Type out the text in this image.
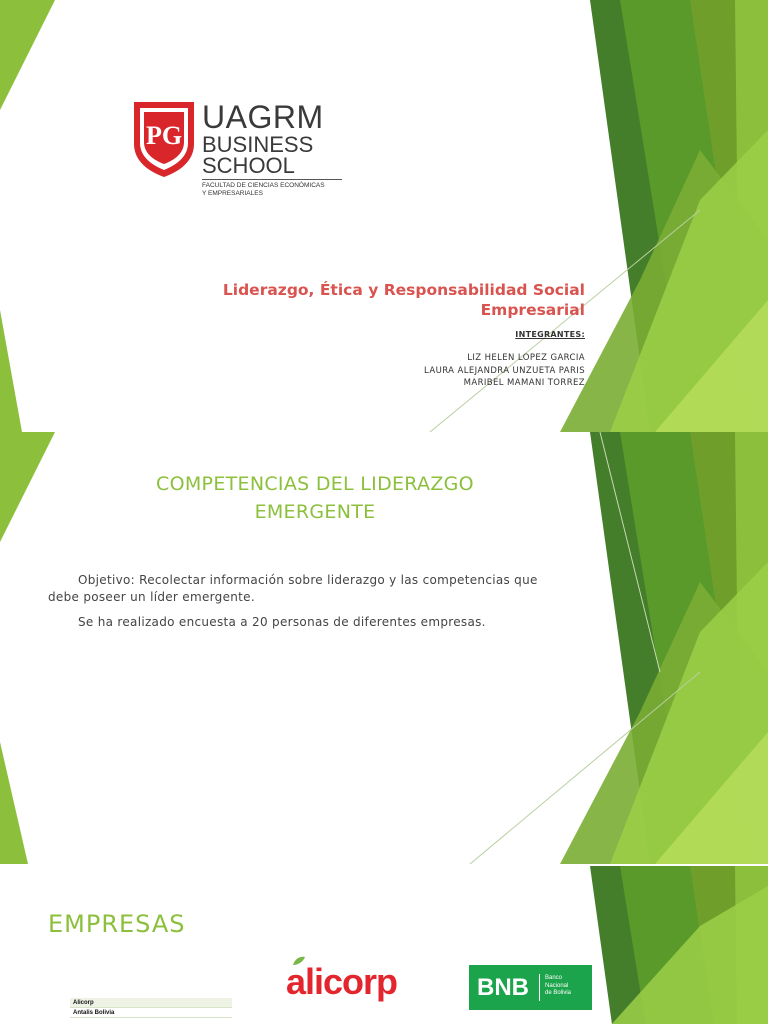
PG
UAGRM
BUSINESS
SCHOOL
FACULTAD DE CIENCIAS ECONÓMICAS
Y EMPRESARIALES
Liderazgo, Ética y Responsabilidad Social
Empresarial
INTEGRANTES:
LIZ HELEN LOPEZ GARCIA
LAURA ALEJANDRA UNZUETA PARIS
MARIBEL MAMANI TORREZ
COMPETENCIAS DEL LIDERAZGO
EMERGENTE

Objetivo: Recolectar información sobre liderazgo y las competencias que debe poseer un líder emergente.

Se ha realizado encuesta a 20 personas de diferentes empresas.

EMPRESAS
alicorp	BNB	Banco
Nacional
de Bolivia
Alicorp
Antalis Bolivia
